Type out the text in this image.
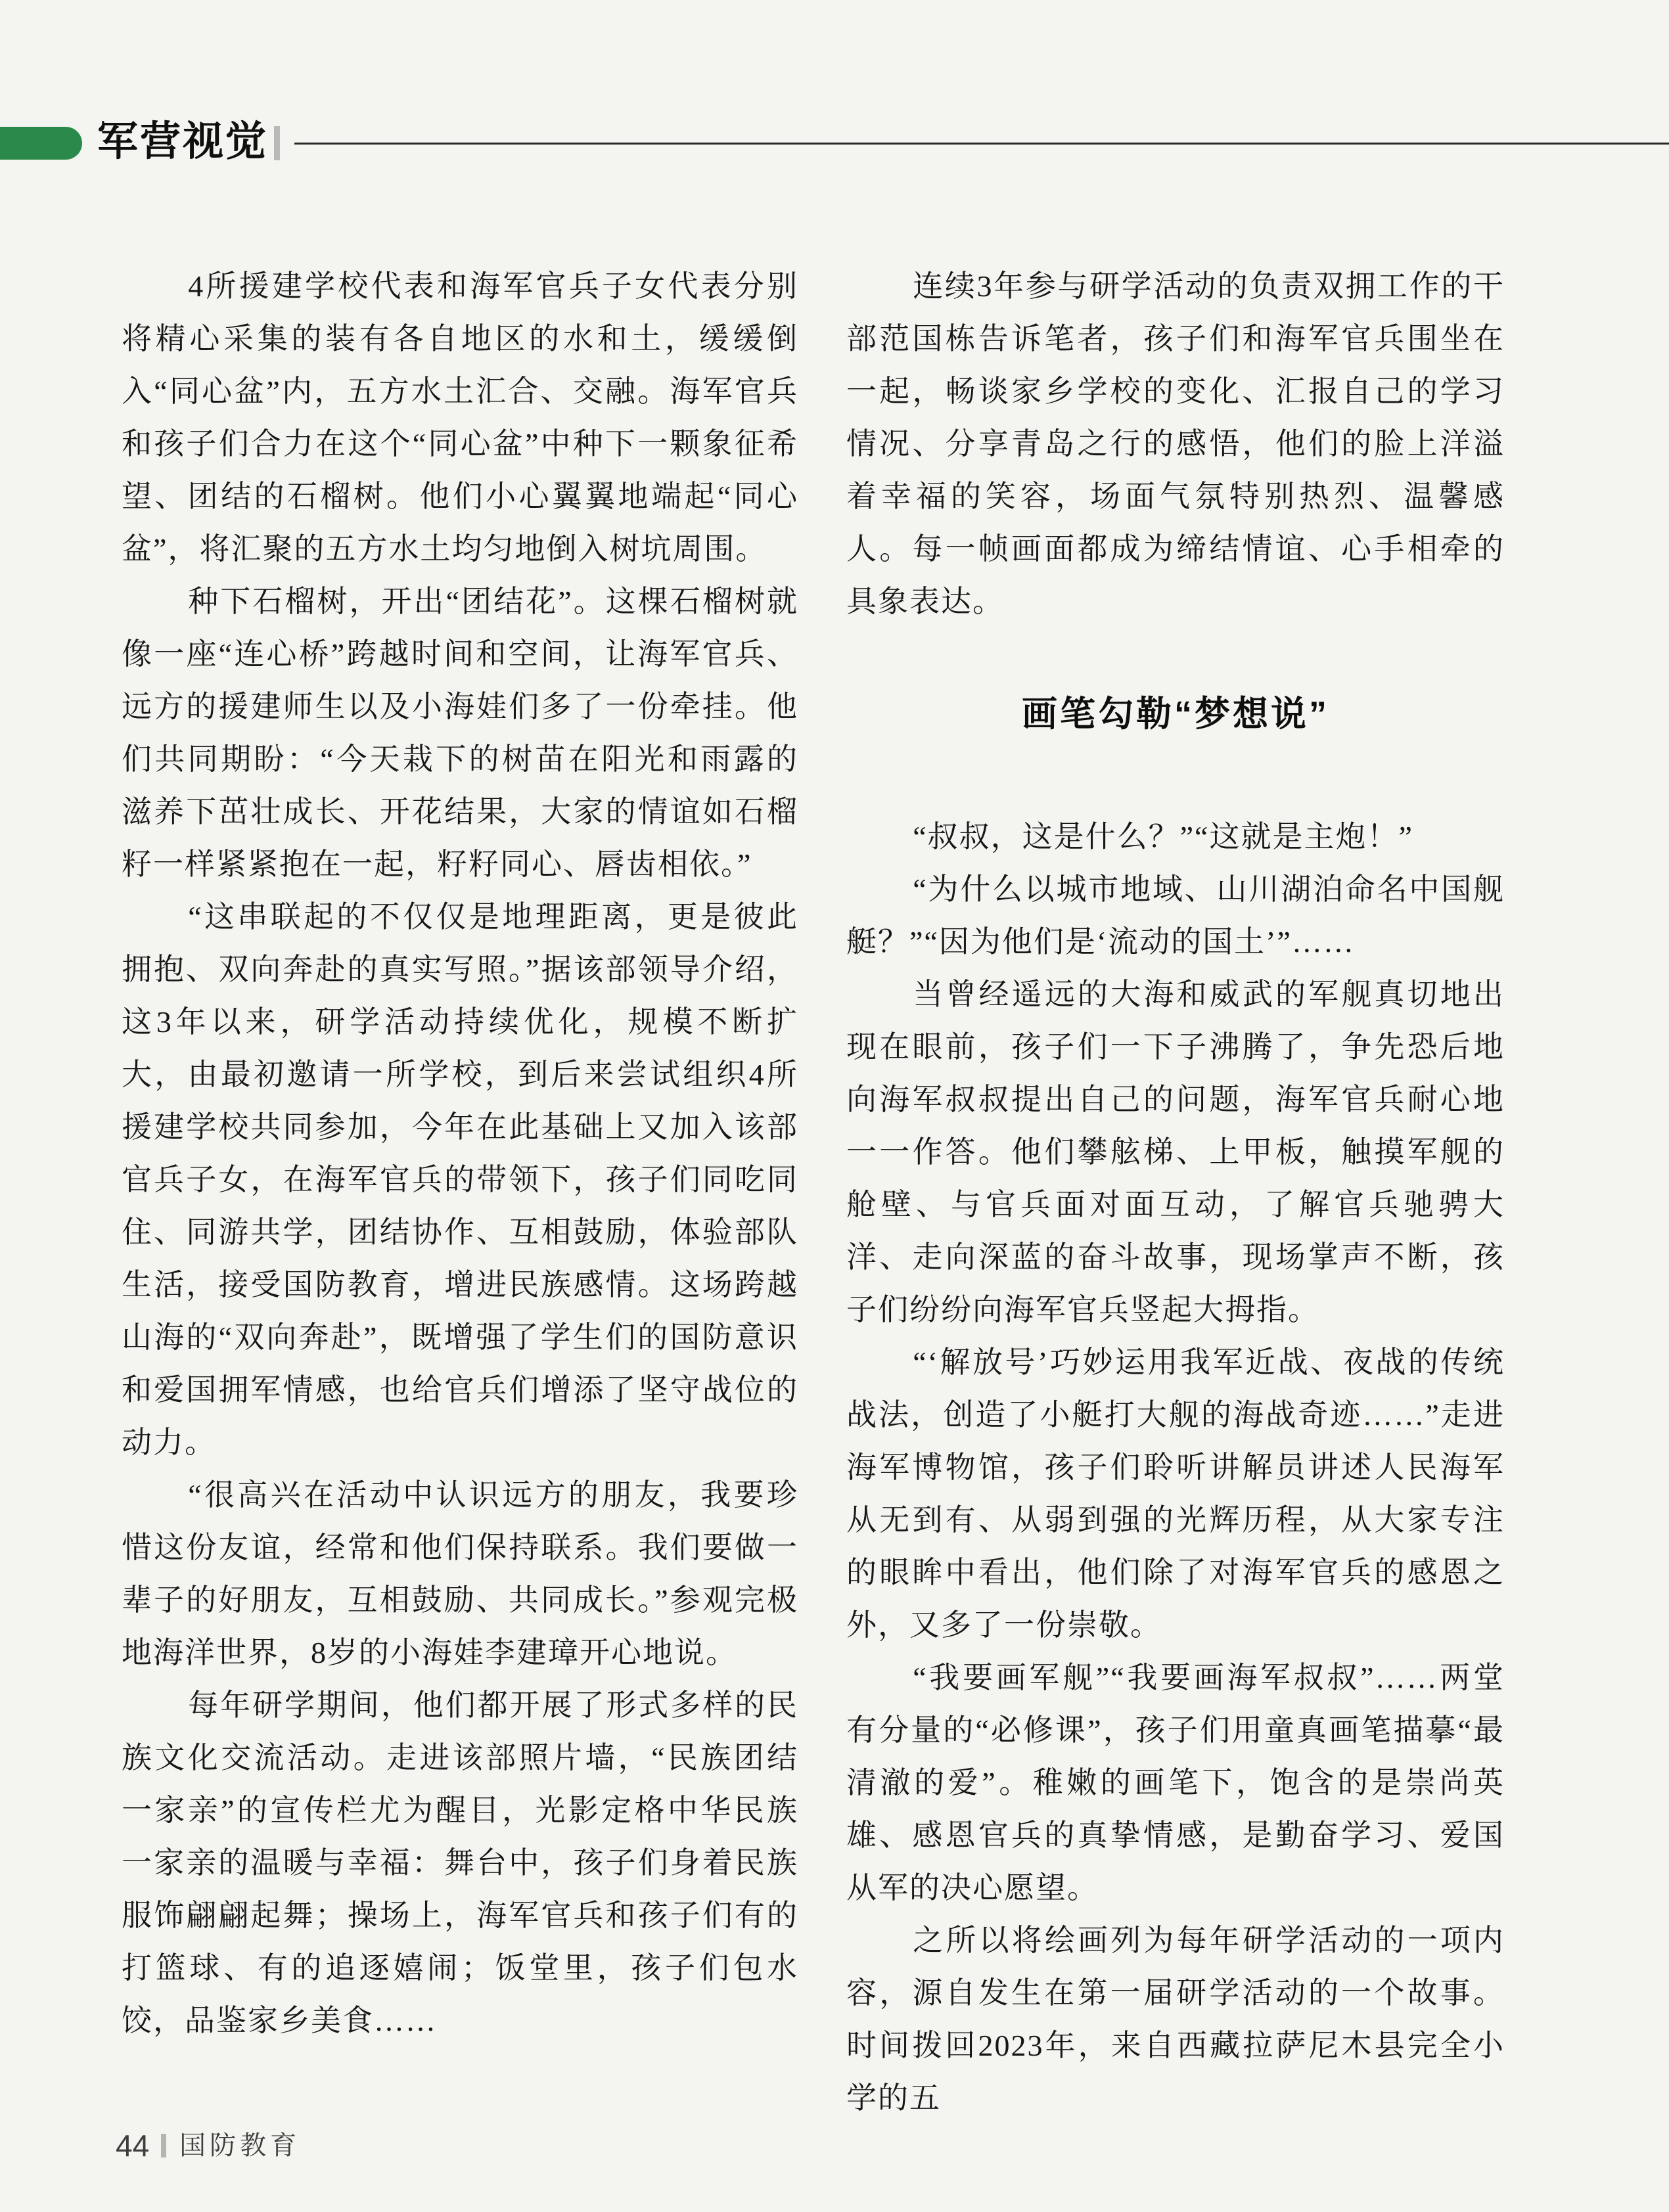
军营视觉

4所援建学校代表和海军官兵子女代表分别将精心采集的装有各自地区的水和土，缓缓倒入“同心盆”内，五方水土汇合、交融。海军官兵和孩子们合力在这个“同心盆”中种下一颗象征希望、团结的石榴树。他们小心翼翼地端起“同心盆”，将汇聚的五方水土均匀地倒入树坑周围。

种下石榴树，开出“团结花”。这棵石榴树就像一座“连心桥”跨越时间和空间，让海军官兵、远方的援建师生以及小海娃们多了一份牵挂。他们共同期盼：“今天栽下的树苗在阳光和雨露的滋养下茁壮成长、开花结果，大家的情谊如石榴籽一样紧紧抱在一起，籽籽同心、唇齿相依。”

“这串联起的不仅仅是地理距离，更是彼此拥抱、双向奔赴的真实写照。”据该部领导介绍，这3年以来，研学活动持续优化，规模不断扩大，由最初邀请一所学校，到后来尝试组织4所援建学校共同参加，今年在此基础上又加入该部官兵子女，在海军官兵的带领下，孩子们同吃同住、同游共学，团结协作、互相鼓励，体验部队生活，接受国防教育，增进民族感情。这场跨越山海的“双向奔赴”，既增强了学生们的国防意识和爱国拥军情感，也给官兵们增添了坚守战位的动力。

“很高兴在活动中认识远方的朋友，我要珍惜这份友谊，经常和他们保持联系。我们要做一辈子的好朋友，互相鼓励、共同成长。”参观完极地海洋世界，8岁的小海娃李建璋开心地说。

每年研学期间，他们都开展了形式多样的民族文化交流活动。走进该部照片墙，“民族团结一家亲”的宣传栏尤为醒目，光影定格中华民族一家亲的温暖与幸福：舞台中，孩子们身着民族服饰翩翩起舞；操场上，海军官兵和孩子们有的打篮球、有的追逐嬉闹；饭堂里，孩子们包水饺，品鉴家乡美食……

连续3年参与研学活动的负责双拥工作的干部范国栋告诉笔者，孩子们和海军官兵围坐在一起，畅谈家乡学校的变化、汇报自己的学习情况、分享青岛之行的感悟，他们的脸上洋溢着幸福的笑容，场面气氛特别热烈、温馨感人。每一帧画面都成为缔结情谊、心手相牵的具象表达。

画笔勾勒“梦想说”

“叔叔，这是什么？”“这就是主炮！”

“为什么以城市地域、山川湖泊命名中国舰艇？”“因为他们是‘流动的国土’”……

当曾经遥远的大海和威武的军舰真切地出现在眼前，孩子们一下子沸腾了，争先恐后地向海军叔叔提出自己的问题，海军官兵耐心地一一作答。他们攀舷梯、上甲板，触摸军舰的舱壁、与官兵面对面互动，了解官兵驰骋大洋、走向深蓝的奋斗故事，现场掌声不断，孩子们纷纷向海军官兵竖起大拇指。

“‘解放号’巧妙运用我军近战、夜战的传统战法，创造了小艇打大舰的海战奇迹……”走进海军博物馆，孩子们聆听讲解员讲述人民海军从无到有、从弱到强的光辉历程，从大家专注的眼眸中看出，他们除了对海军官兵的感恩之外，又多了一份崇敬。

“我要画军舰”“我要画海军叔叔”……两堂有分量的“必修课”，孩子们用童真画笔描摹“最清澈的爱”。稚嫩的画笔下，饱含的是崇尚英雄、感恩官兵的真挚情感，是勤奋学习、爱国从军的决心愿望。

之所以将绘画列为每年研学活动的一项内容，源自发生在第一届研学活动的一个故事。时间拨回2023年，来自西藏拉萨尼木县完全小学的五

44 国防教育
